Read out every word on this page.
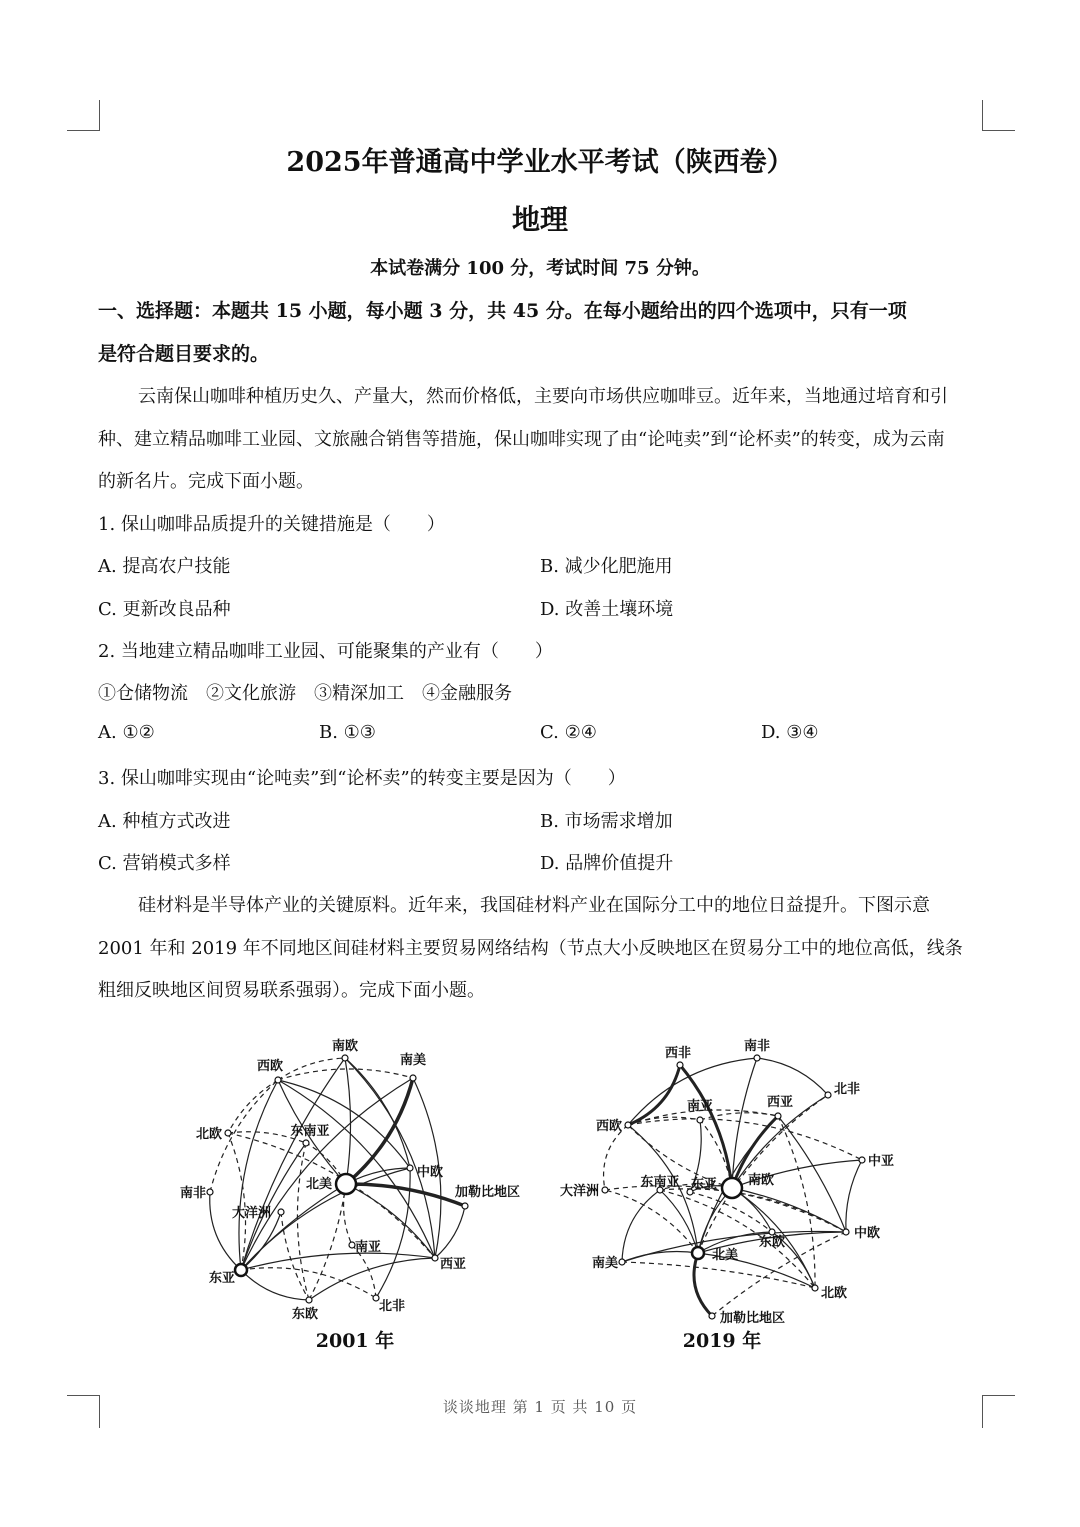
2025年普通高中学业水平考试（陕西卷）
地理
本试卷满分 100 分，考试时间 75 分钟。
一、选择题：本题共 15 小题，每小题 3 分，共 45 分。在每小题给出的四个选项中，只有一项
是符合题目要求的。
云南保山咖啡种植历史久、产量大，然而价格低，主要向市场供应咖啡豆。近年来，当地通过培育和引
种、建立精品咖啡工业园、文旅融合销售等措施，保山咖啡实现了由“论吨卖”到“论杯卖”的转变，成为云南
的新名片。完成下面小题。
1. 保山咖啡品质提升的关键措施是（　　）
A. 提高农户技能	B. 减少化肥施用
C. 更新改良品种	D. 改善土壤环境
2. 当地建立精品咖啡工业园、可能聚集的产业有（　　）
①仓储物流　②文化旅游　③精深加工　④金融服务
A. ①②	B. ①③	C. ②④	D. ③④
3. 保山咖啡实现由“论吨卖”到“论杯卖”的转变主要是因为（　　）
A. 种植方式改进	B. 市场需求增加
C. 营销模式多样	D. 品牌价值提升
硅材料是半导体产业的关键原料。近年来，我国硅材料产业在国际分工中的地位日益提升。下图示意
2001 年和 2019 年不同地区间硅材料主要贸易网络结构（节点大小反映地区在贸易分工中的地位高低，线条
粗细反映地区间贸易联系强弱）。完成下面小题。
南欧
南美
西欧
北欧	东南亚
中欧
北美
加勒比地区
南非
大洋洲
南亚
西亚
东亚
东欧
北非
西非	南非
北非
南亚	西亚
西欧
中亚
大洋洲
东南亚 东亚 南欧
东欧
中欧
北美
南美
北欧
加勒比地区
2001 年	2019 年
谈谈地理 第 1 页 共 10 页
